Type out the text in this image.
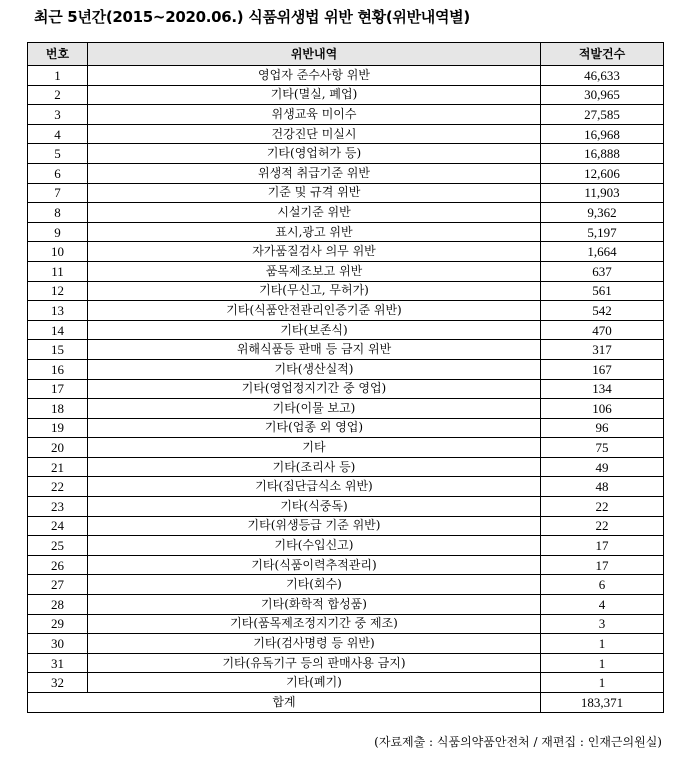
최근 5년간(2015~2020.06.) 식품위생법 위반 현황(위반내역별)
번호	위반내역	적발건수
1	영업자 준수사항 위반	46,633
2	기타(멸실, 폐업)	30,965
3	위생교육 미이수	27,585
4	건강진단 미실시	16,968
5	기타(영업허가 등)	16,888
6	위생적 취급기준 위반	12,606
7	기준 및 규격 위반	11,903
8	시설기준 위반	9,362
9	표시,광고 위반	5,197
10	자가품질검사 의무 위반	1,664
11	품목제조보고 위반	637
12	기타(무신고, 무허가)	561
13	기타(식품안전관리인증기준 위반)	542
14	기타(보존식)	470
15	위해식품등 판매 등 금지 위반	317
16	기타(생산실적)	167
17	기타(영업정지기간 중 영업)	134
18	기타(이물 보고)	106
19	기타(업종 외 영업)	96
20	기타	75
21	기타(조리사 등)	49
22	기타(집단급식소 위반)	48
23	기타(식중독)	22
24	기타(위생등급 기준 위반)	22
25	기타(수입신고)	17
26	기타(식품이력추적관리)	17
27	기타(회수)	6
28	기타(화학적 합성품)	4
29	기타(품목제조정지기간 중 제조)	3
30	기타(검사명령 등 위반)	1
31	기타(유독기구 등의 판매사용 금지)	1
32	기타(폐기)	1
합계		183,371
(자료제출 : 식품의약품안전처 / 재편집 : 인재근의원실)
